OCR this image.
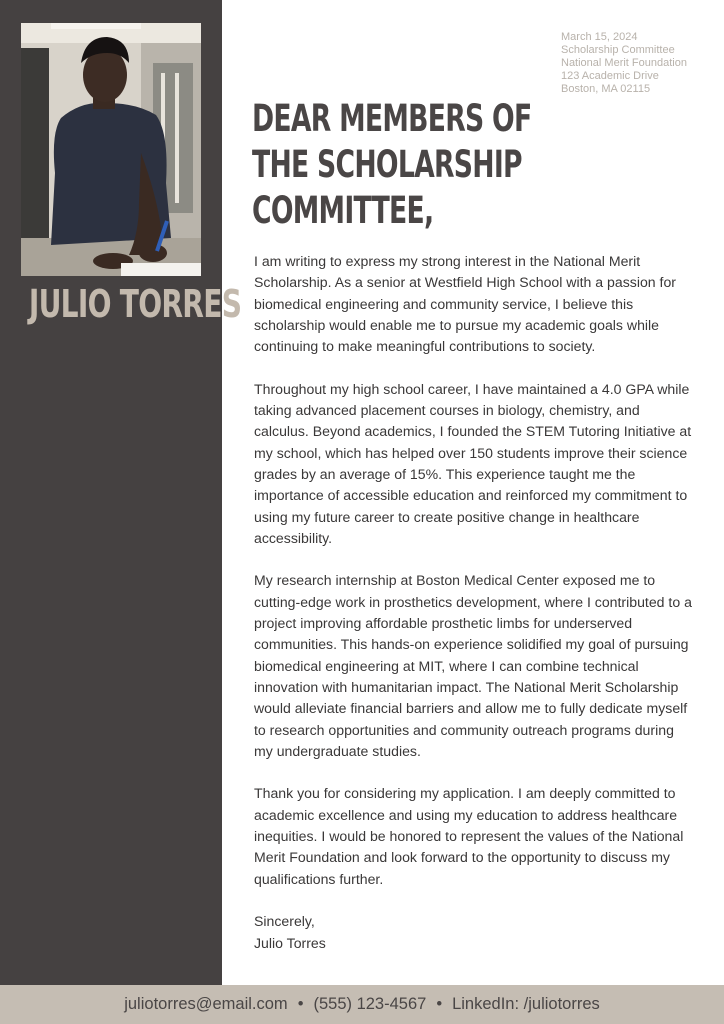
JULIO TORRES
March 15, 2024
Scholarship Committee
National Merit Foundation
123 Academic Drive
Boston, MA 02115
DEAR MEMBERS OF
THE SCHOLARSHIP
COMMITTEE,

I am writing to express my strong interest in the National Merit Scholarship. As a senior at Westfield High School with a passion for biomedical engineering and community service, I believe this scholarship would enable me to pursue my academic goals while continuing to make meaningful contributions to society.

Throughout my high school career, I have maintained a 4.0 GPA while taking advanced placement courses in biology, chemistry, and calculus. Beyond academics, I founded the STEM Tutoring Initiative at my school, which has helped over 150 students improve their science grades by an average of 15%. This experience taught me the importance of accessible education and reinforced my commitment to using my future career to create positive change in healthcare accessibility.

My research internship at Boston Medical Center exposed me to cutting-edge work in prosthetics development, where I contributed to a project improving affordable prosthetic limbs for underserved communities. This hands-on experience solidified my goal of pursuing biomedical engineering at MIT, where I can combine technical innovation with humanitarian impact. The National Merit Scholarship would alleviate financial barriers and allow me to fully dedicate myself to research opportunities and community outreach programs during my undergraduate studies.

Thank you for considering my application. I am deeply committed to academic excellence and using my education to address healthcare inequities. I would be honored to represent the values of the National Merit Foundation and look forward to the opportunity to discuss my qualifications further.

Sincerely,

Julio Torres

juliotorres@email.com • (555) 123-4567 • LinkedIn: /juliotorres
